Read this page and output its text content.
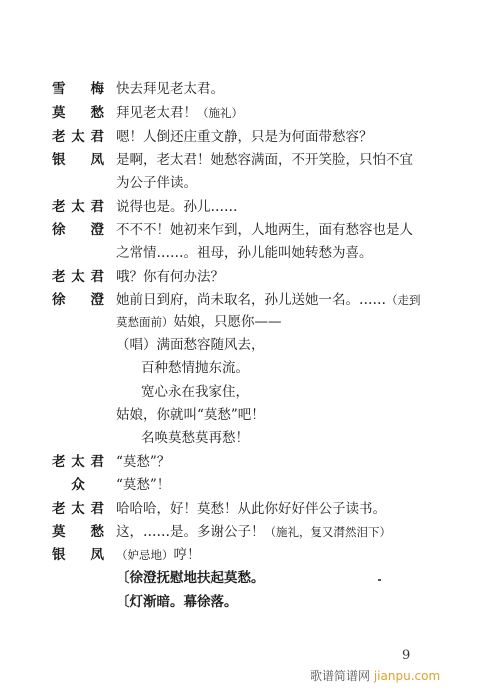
雪　梅 快去拜见老太君。
莫　愁 拜见老太君！（施礼）
老太君 嗯！人倒还庄重文静，只是为何面带愁容？
银　凤 是啊，老太君！她愁容满面，不开笑脸，只怕不宜
为公子伴读。
老太君 说得也是。孙儿……
徐　澄 不不不！她初来乍到，人地两生，面有愁容也是人
之常情……。祖母，孙儿能叫她转愁为喜。
老太君 哦？你有何办法？
徐　澄 她前日到府，尚未取名，孙儿送她一名。……（走到
莫愁面前）姑娘，只愿你——
（唱）满面愁容随风去，
百种愁情抛东流。
宽心永在我家住，
姑娘，你就叫“莫愁”吧！
名唤莫愁莫再愁！
老太君 “莫愁”？
众	“莫愁”！
老太君 哈哈哈，好！莫愁！从此你好好伴公子读书。
莫　愁 这，……是。多谢公子！（施礼，复又潸然泪下）
银　凤 （妒忌地）哼！
〔徐澄抚慰地扶起莫愁。
〔灯渐暗。幕徐落。
9
歌谱简谱网 jianpu.com
